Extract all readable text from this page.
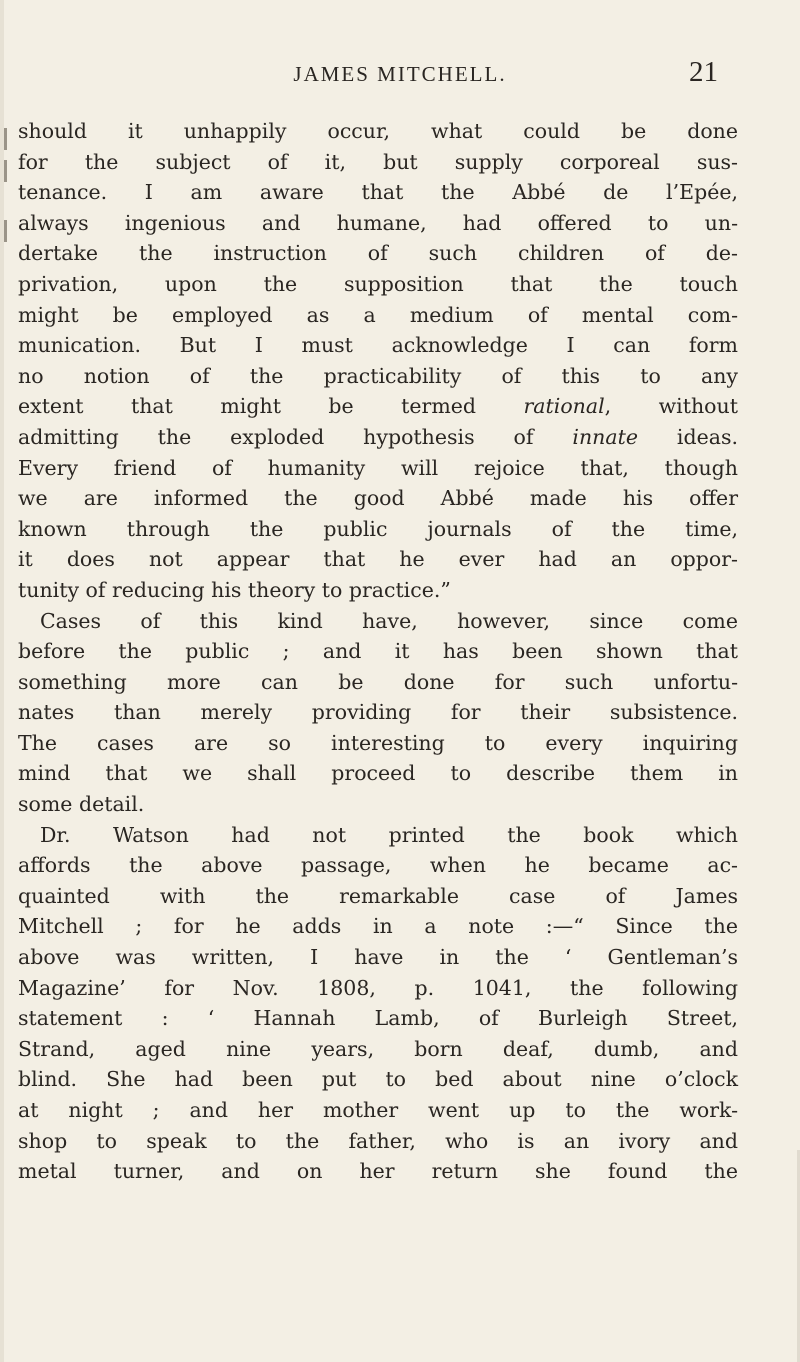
JAMES MITCHELL.	21
should it unhappily occur, what could be done
for the subject of it, but supply corporeal sus-
tenance. I am aware that the Abbé de l’Epée,
always ingenious and humane, had offered to un-
dertake the instruction of such children of de-
privation, upon the supposition that the touch
might be employed as a medium of mental com-
munication. But I must acknowledge I can form
no notion of the practicability of this to any
extent that might be termed rational, without
admitting the exploded hypothesis of innate ideas.
Every friend of humanity will rejoice that, though
we are informed the good Abbé made his offer
known through the public journals of the time,
it does not appear that he ever had an oppor-
tunity of reducing his theory to practice.”
Cases of this kind have, however, since come
before the public ; and it has been shown that
something more can be done for such unfortu-
nates than merely providing for their subsistence.
The cases are so interesting to every inquiring
mind that we shall proceed to describe them in
some detail.
Dr. Watson had not printed the book which
affords the above passage, when he became ac-
quainted with the remarkable case of James
Mitchell ; for he adds in a note :—“ Since the
above was written, I have in the ‘ Gentleman’s
Magazine’ for Nov. 1808, p. 1041, the following
statement : ‘ Hannah Lamb, of Burleigh Street,
Strand, aged nine years, born deaf, dumb, and
blind. She had been put to bed about nine o’clock
at night ; and her mother went up to the work-
shop to speak to the father, who is an ivory and
metal turner, and on her return she found the
